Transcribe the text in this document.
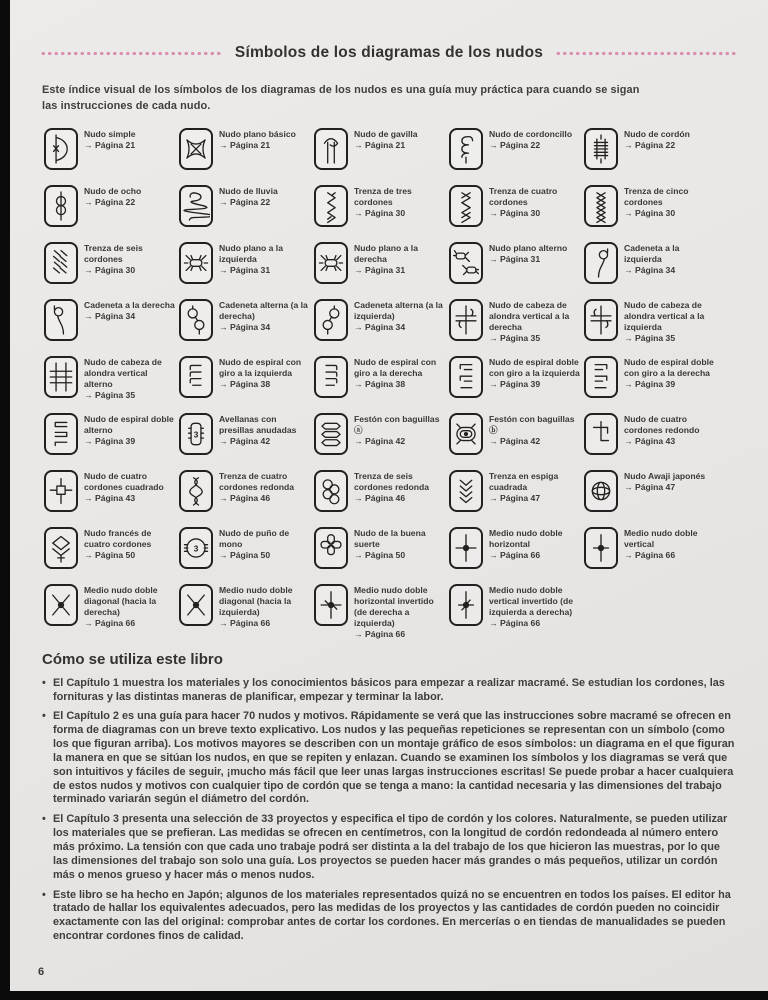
Símbolos de los diagramas de los nudos

Este índice visual de los símbolos de los diagramas de los nudos es una guía muy práctica para cuando se sigan las instrucciones de cada nudo.

Nudo simple
→ Página 21
Nudo plano básico
→ Página 21
Nudo de gavilla
→ Página 21
Nudo de cordoncillo
→ Página 22
Nudo de cordón
→ Página 22
Nudo de ocho
→ Página 22
Nudo de lluvia
→ Página 22
Trenza de tres cordones
→ Página 30
Trenza de cuatro cordones
→ Página 30
Trenza de cinco cordones
→ Página 30
Trenza de seis cordones
→ Página 30
Nudo plano a la izquierda
→ Página 31
Nudo plano a la derecha
→ Página 31
Nudo plano alterno
→ Página 31
Cadeneta a la izquierda
→ Página 34
Cadeneta a la derecha
→ Página 34
Cadeneta alterna (a la derecha)
→ Página 34
Cadeneta alterna (a la izquierda)
→ Página 34
Nudo de cabeza de alondra vertical a la derecha
→ Página 35
Nudo de cabeza de alondra vertical a la izquierda
→ Página 35
Nudo de cabeza de alondra vertical alterno
→ Página 35
Nudo de espiral con giro a la izquierda
→ Página 38
Nudo de espiral con giro a la derecha
→ Página 38
Nudo de espiral doble con giro a la izquierda
→ Página 39
Nudo de espiral doble con giro a la derecha
→ Página 39
Nudo de espiral doble alterno
→ Página 39
3
Avellanas con presillas anudadas
→ Página 42
Festón con baguillas ⓐ
→ Página 42
Festón con baguillas ⓑ
→ Página 42
Nudo de cuatro cordones redondo
→ Página 43
Nudo de cuatro cordones cuadrado
→ Página 43
Trenza de cuatro cordones redonda
→ Página 46
Trenza de seis cordones redonda
→ Página 46
Trenza en espiga cuadrada
→ Página 47
Nudo Awaji japonés
→ Página 47
Nudo francés de cuatro cordones
→ Página 50
3
Nudo de puño de mono
→ Página 50
Nudo de la buena suerte
→ Página 50
Medio nudo doble horizontal
→ Página 66
Medio nudo doble vertical
→ Página 66
Medio nudo doble diagonal (hacia la derecha)
→ Página 66
Medio nudo doble diagonal (hacia la izquierda)
→ Página 66
Medio nudo doble horizontal invertido (de derecha a izquierda)
→ Página 66
Medio nudo doble vertical invertido (de izquierda a derecha)
→ Página 66
Cómo se utiliza este libro
• El Capítulo 1 muestra los materiales y los conocimientos básicos para empezar a realizar macramé. Se estudian los cordones, las fornituras y las distintas maneras de planificar, empezar y terminar la labor.
• El Capítulo 2 es una guía para hacer 70 nudos y motivos. Rápidamente se verá que las instrucciones sobre macramé se ofrecen en forma de diagramas con un breve texto explicativo. Los nudos y las pequeñas repeticiones se representan con un símbolo (como los que figuran arriba). Los motivos mayores se describen con un montaje gráfico de esos símbolos: un diagrama en el que figuran la manera en que se sitúan los nudos, en que se repiten y enlazan. Cuando se examinen los símbolos y los diagramas se verá que son intuitivos y fáciles de seguir, ¡mucho más fácil que leer unas largas instrucciones escritas! Se puede probar a hacer cualquiera de estos nudos y motivos con cualquier tipo de cordón que se tenga a mano: la cantidad necesaria y las dimensiones del trabajo terminado variarán según el diámetro del cordón.
• El Capítulo 3 presenta una selección de 33 proyectos y especifica el tipo de cordón y los colores. Naturalmente, se pueden utilizar los materiales que se prefieran. Las medidas se ofrecen en centímetros, con la longitud de cordón redondeada al número entero más próximo. La tensión con que cada uno trabaje podrá ser distinta a la del trabajo de los que hicieron las muestras, por lo que las dimensiones del trabajo son solo una guía. Los proyectos se pueden hacer más grandes o más pequeños, utilizar un cordón más o menos grueso y hacer más o menos nudos.
• Este libro se ha hecho en Japón; algunos de los materiales representados quizá no se encuentren en todos los países. El editor ha tratado de hallar los equivalentes adecuados, pero las medidas de los proyectos y las cantidades de cordón pueden no coincidir exactamente con las del original: comprobar antes de cortar los cordones. En mercerías o en tiendas de manualidades se pueden encontrar cordones finos de calidad.
6
